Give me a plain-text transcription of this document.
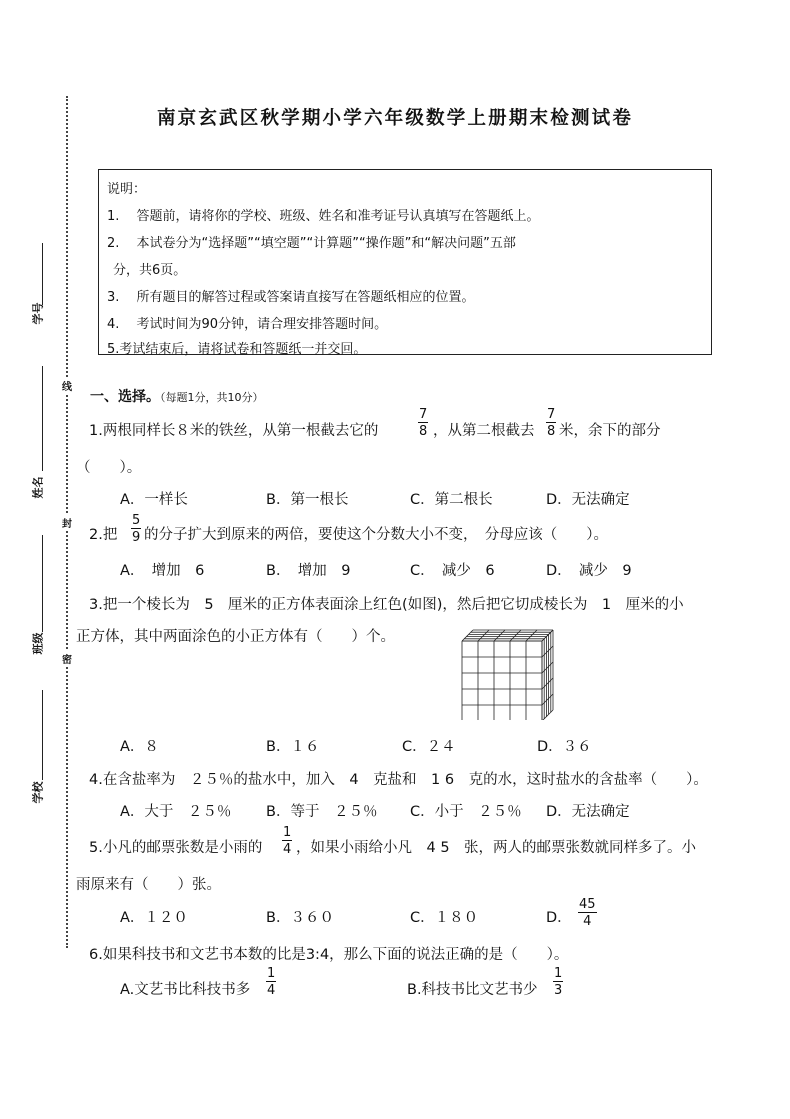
学号
姓名
班级
学校
线
封
密
南京玄武区秋学期小学六年级数学上册期末检测试卷
说明：
1.　 答题前，请将你的学校、班级、姓名和准考证号认真填写在答题纸上。
2.　 本试卷分为“选择题”“填空题”“计算题”“操作题”和“解决问题”五部
分，共6页。
3.　 所有题目的解答过程或答案请直接写在答题纸相应的位置。
4.　 考试时间为90分钟，请合理安排答题时间。
5.考试结束后，请将试卷和答题纸一并交回。
一、选择。（每题1分，共10分）
1.两根同样长８米的铁丝，从第一根截去它的	$\frac{7}{8}$ ，从第二根截去 $\frac{7}{8}$ 米，余下的部分
（　　）。
A．一样长	B．第一根长	C．第二根长	D．无法确定
2.把 $\frac{5}{9}$ 的分子扩大到原来的两倍，要使这个分数大小不变，　分母应该（　　）。
A．　增加　6	B．　增加　9	C．　减少　6	D．　减少　9
3.把一个棱长为　5　厘米的正方体表面涂上红色(如图)，然后把它切成棱长为　1　厘米的小
正方体，其中两面涂色的小正方体有（　　）个。
A．８	B．１６	C．２４	D．３６
4.在含盐率为　２５％的盐水中，加入　4　克盐和　1 6　克的水，这时盐水的含盐率（　　）。
A．大于　２５％ B．等于　２５％ C．小于　２５％ D．无法确定
5.小凡的邮票张数是小雨的 $\frac{1}{4}$ ，如果小雨给小凡　4 5　张，两人的邮票张数就同样多了。小
雨原来有（　　）张。
A．１２０	B．３６０	C．１８０	D． $\frac{45}{4}$
6.如果科技书和文艺书本数的比是3:4，那么下面的说法正确的是（　　）。
A.文艺书比科技书多 $\frac{1}{4}$	B.科技书比文艺书少 $\frac{1}{3}$
